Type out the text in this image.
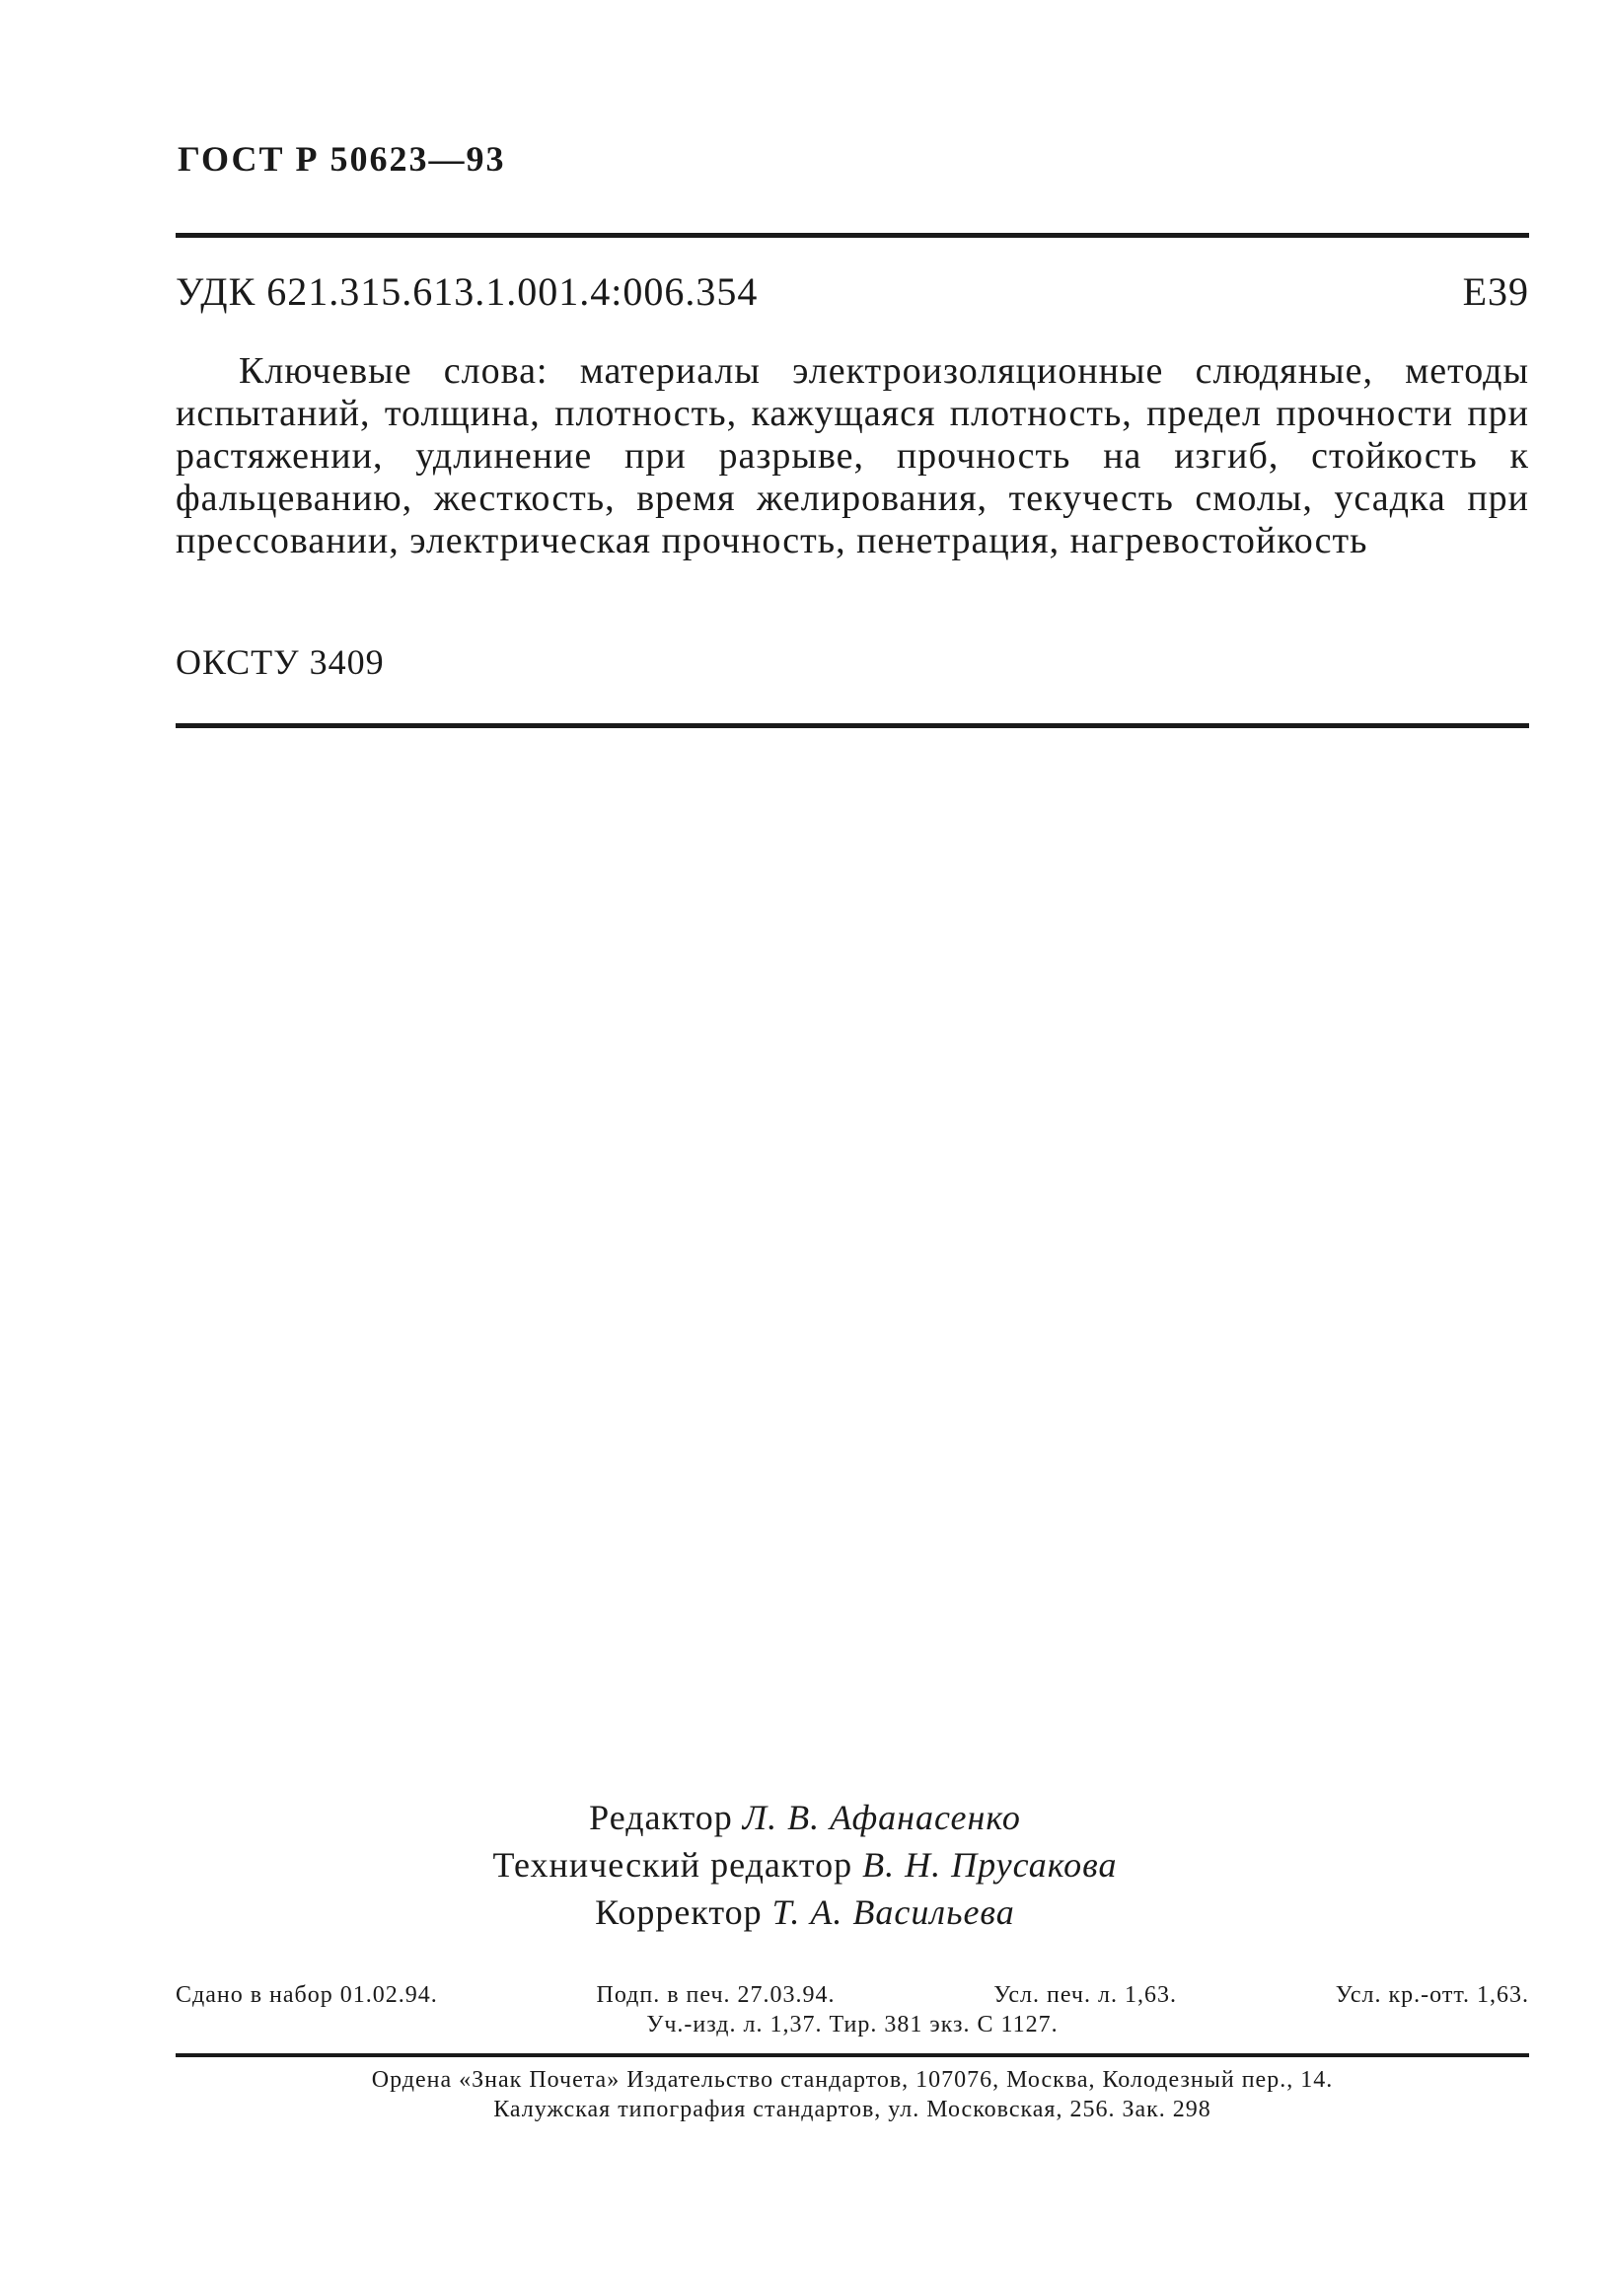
ГОСТ Р 50623—93
УДК 621.315.613.1.001.4:006.354	Е39

Ключевые слова: материалы электроизоляционные слюдяные, методы испытаний, толщина, плотность, кажущаяся плотность, предел прочности при растяжении, удлинение при разрыве, прочность на изгиб, стойкость к фальцеванию, жесткость, время желирования, текучесть смолы, усадка при прессовании, электрическая прочность, пенетрация, нагревостойкость

ОКСТУ 3409
Редактор Л. В. Афанасенко
Технический редактор В. Н. Прусакова
Корректор Т. А. Васильева
Сдано в набор 01.02.94.	Подп. в печ. 27.03.94.	Усл. печ. л. 1,63.	Усл. кр.-отт. 1,63.
Уч.-изд. л. 1,37. Тир. 381 экз. С 1127.
Ордена «Знак Почета» Издательство стандартов, 107076, Москва, Колодезный пер., 14.
Калужская типография стандартов, ул. Московская, 256. Зак. 298
